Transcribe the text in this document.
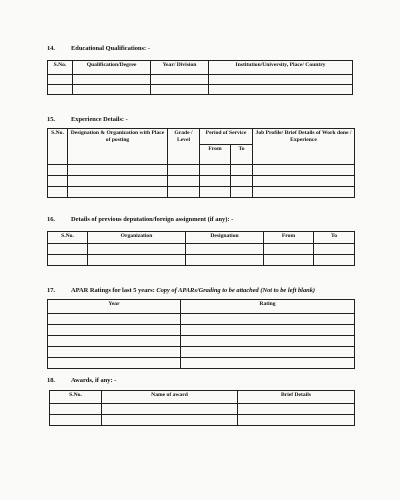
14.	Educational Qualifications: -
S.No.	Qualification/Degree	Year/ Division	Institution/University, Place/ Country

15.	Experience Details: -
S.No.	Designation & Organization with Place of posting	Grade / Level	Period of Service		Job Profile/ Brief Details of Work done / Experience
			From	To	

16.	Details of previous deputation/foreign assignment (if any): -
S.No.	Organization	Designation	From	To

17.	APAR Ratings for last 5 years: Copy of APARs/Grading to be attached (Not to be left blank)
Year	Rating

18.	Awards, if any: -
S.No.	Name of award	Brief Details
